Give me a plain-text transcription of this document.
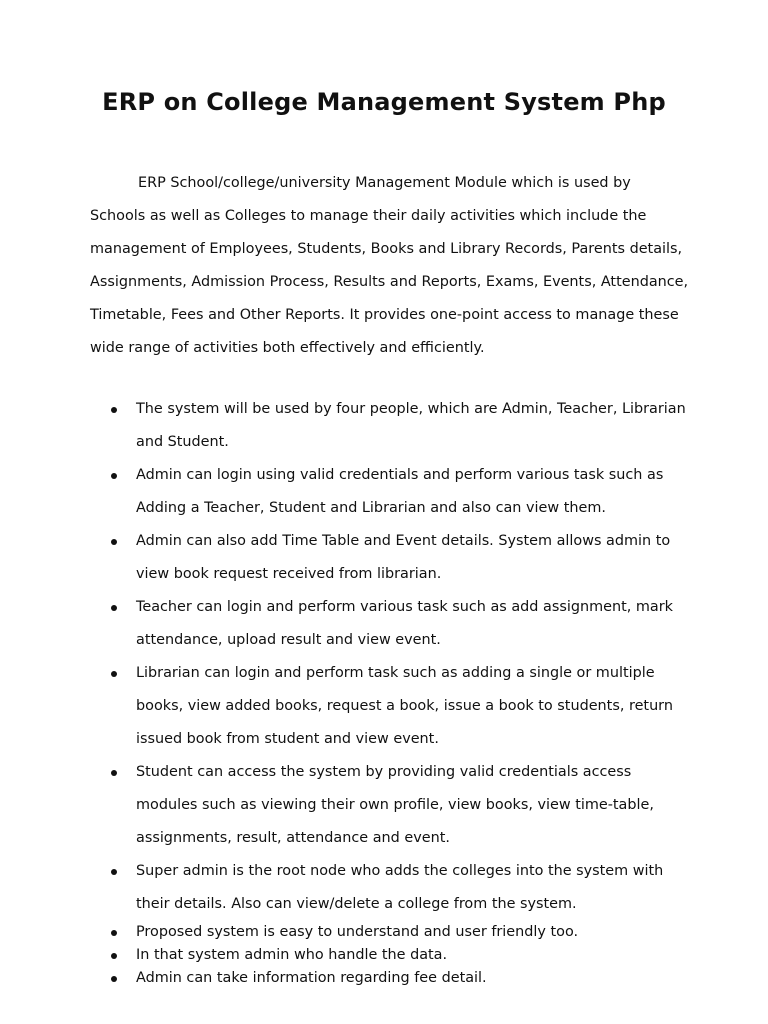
ERP on College Management System Php

ERP School/college/university Management Module which is used by Schools as well as Colleges to manage their daily activities which include the management of Employees, Students, Books and Library Records, Parents details, Assignments, Admission Process, Results and Reports, Exams, Events, Attendance, Timetable, Fees and Other Reports. It provides one-point access to manage these wide range of activities both effectively and efficiently.

The system will be used by four people, which are Admin, Teacher, Librarian and Student.
Admin can login using valid credentials and perform various task such as Adding a Teacher, Student and Librarian and also can view them.
Admin can also add Time Table and Event details. System allows admin to view book request received from librarian.
Teacher can login and perform various task such as add assignment, mark attendance, upload result and view event.
Librarian can login and perform task such as adding a single or multiple books, view added books, request a book, issue a book to students, return issued book from student and view event.
Student can access the system by providing valid credentials access modules such as viewing their own profile, view books, view time-table, assignments, result, attendance and event.
Super admin is the root node who adds the colleges into the system with their details. Also can view/delete a college from the system.
Proposed system is easy to understand and user friendly too.
In that system admin who handle the data.
Admin can take information regarding fee detail.
